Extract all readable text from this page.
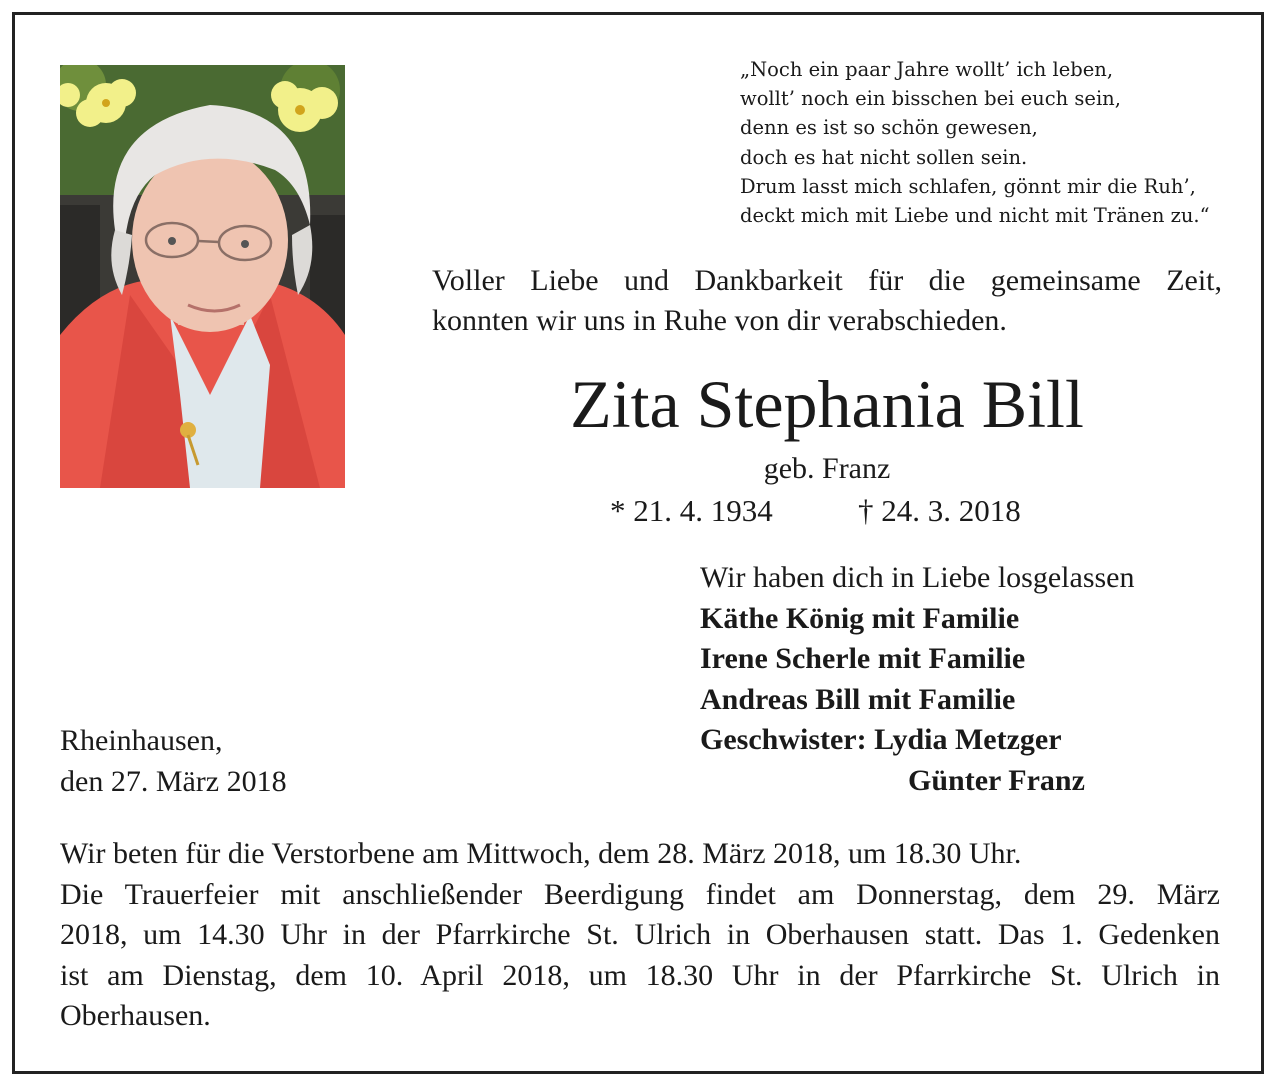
„Noch ein paar Jahre wollt’ ich leben,
wollt’ noch ein bisschen bei euch sein,
denn es ist so schön gewesen,
doch es hat nicht sollen sein.
Drum lasst mich schlafen, gönnt mir die Ruh’,
deckt mich mit Liebe und nicht mit Tränen zu.“
Voller Liebe und Dankbarkeit für die gemeinsame Zeit,
konnten wir uns in Ruhe von dir verabschieden.
Zita Stephania Bill
geb. Franz
* 21. 4. 1934	† 24. 3. 2018
Wir haben dich in Liebe losgelassen
Käthe König mit Familie
Irene Scherle mit Familie
Andreas Bill mit Familie
Geschwister: Lydia Metzger
Günter Franz
Rheinhausen,
den 27. März 2018
Wir beten für die Verstorbene am Mittwoch, dem 28. März 2018, um 18.30 Uhr.
Die Trauerfeier mit anschließender Beerdigung findet am Donnerstag, dem 29. März
2018, um 14.30 Uhr in der Pfarrkirche St. Ulrich in Oberhausen statt. Das 1. Gedenken
ist am Dienstag, dem 10. April 2018, um 18.30 Uhr in der Pfarrkirche St. Ulrich in
Oberhausen.
